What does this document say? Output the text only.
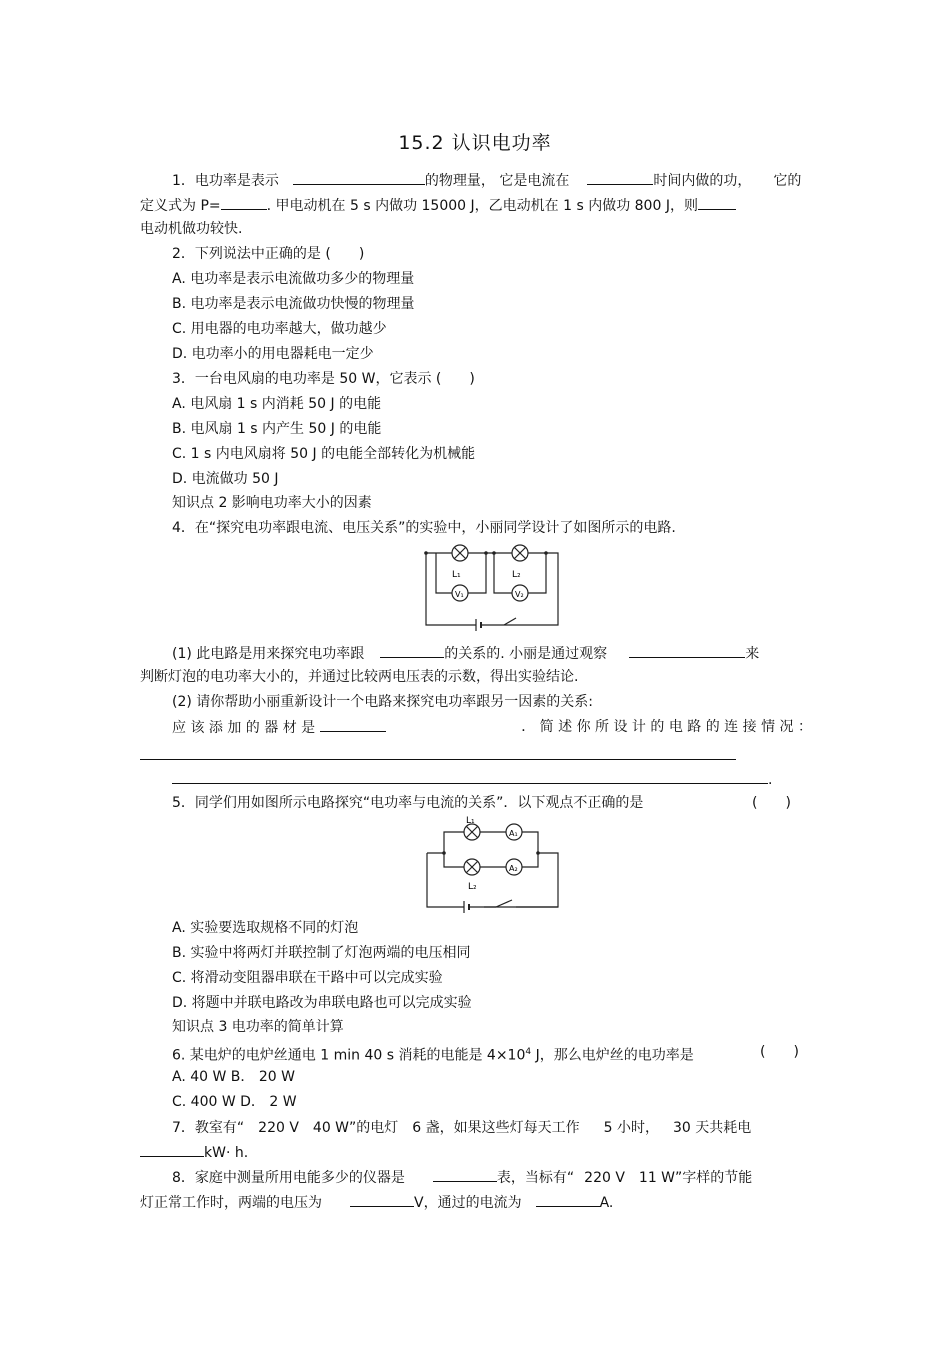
15.2 认识电功率
1．电功率是表示	的物理量， 它是电流在	时间内做的功， 它的
定义式为 P=	. 甲电动机在 5 s 内做功 15000 J，乙电动机在 1 s 内做功 800 J，则
电动机做功较快.
2．下列说法中正确的是 (　　)
A. 电功率是表示电流做功多少的物理量
B. 电功率是表示电流做功快慢的物理量
C. 用电器的电功率越大，做功越少
D. 电功率小的用电器耗电一定少
3．一台电风扇的电功率是 50 W，它表示 (　　)
A. 电风扇 1 s 内消耗 50 J 的电能
B. 电风扇 1 s 内产生 50 J 的电能
C. 1 s 内电风扇将 50 J 的电能全部转化为机械能
D. 电流做功 50 J
知识点 2 影响电功率大小的因素
4．在“探究电功率跟电流、电压关系”的实验中，小丽同学设计了如图所示的电路.
L₁	L₂
V₁	V₂
(1) 此电路是用来探究电功率跟	的关系的. 小丽是通过观察	来
判断灯泡的电功率大小的，并通过比较两电压表的示数，得出实验结论.
(2) 请你帮助小丽重新设计一个电路来探究电功率跟另一因素的关系:
应 该 添 加 的 器 材 是	． 简 述 你 所 设 计 的 电 路 的 连 接 情 况 ：
.
5．同学们用如图所示电路探究“电功率与电流的关系”．以下观点不正确的是	(　　)
L₁
L₂
A₁
A₂
A. 实验要选取规格不同的灯泡
B. 实验中将两灯并联控制了灯泡两端的电压相同
C. 将滑动变阻器串联在干路中可以完成实验
D. 将题中并联电路改为串联电路也可以完成实验
知识点 3 电功率的简单计算
6. 某电炉的电炉丝通电 1 min 40 s 消耗的电能是 $4\times 10^4$ J，那么电炉丝的电功率是	(　　)
A. 40 W B． 20 W
C. 400 W D． 2 W
7．教室有“ 220 V 40 W”的电灯 6 盏，如果这些灯每天工作 5 小时， 30 天共耗电
kW· h.
8．家庭中测量所用电能多少的仪器是	表，当标有“ 220 V 11 W”字样的节能
灯正常工作时，两端的电压为	V，通过的电流为	A.
